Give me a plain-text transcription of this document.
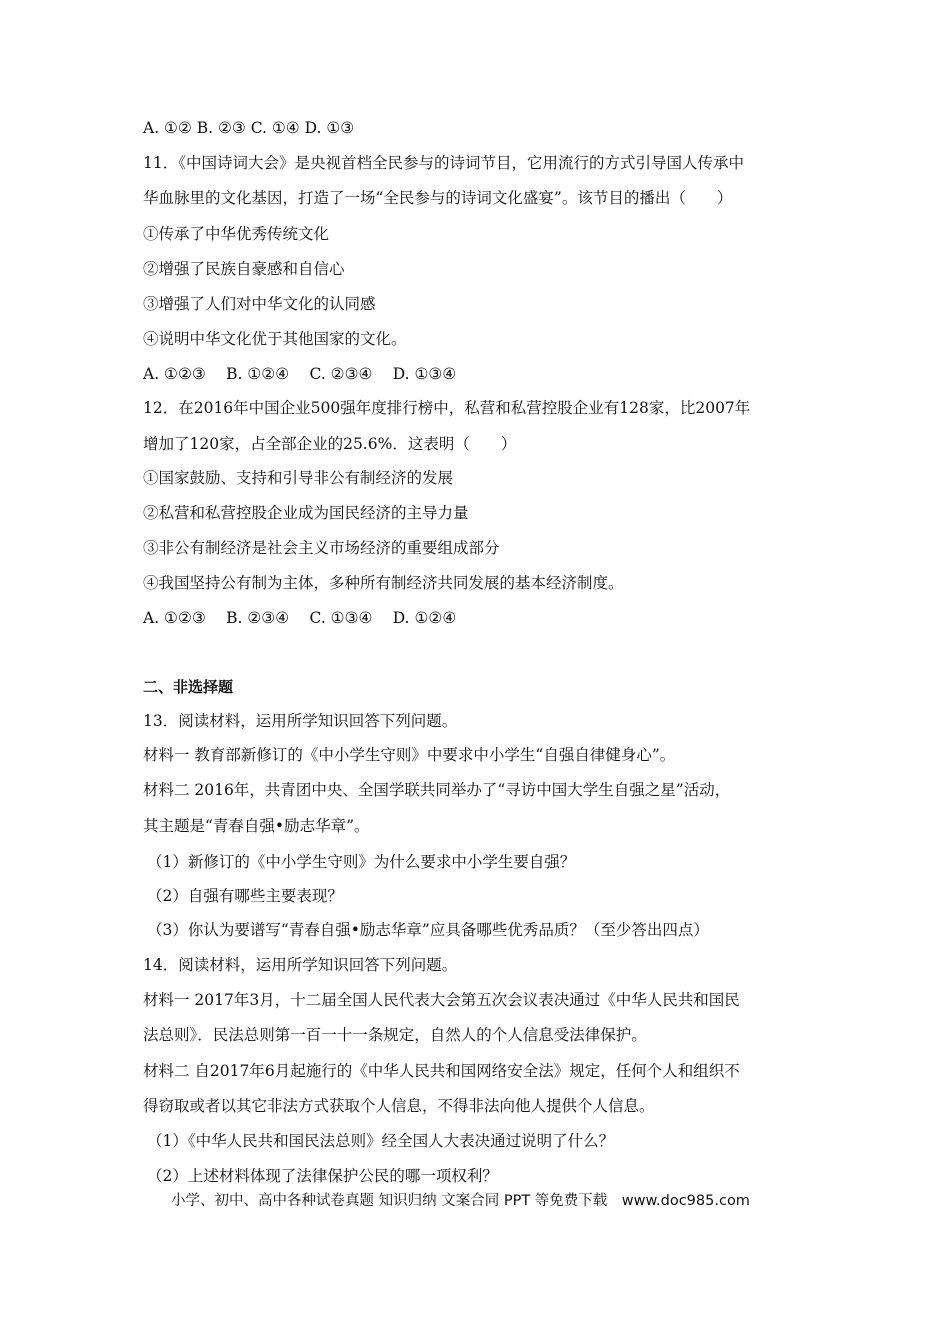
A. ①② B. ②③ C. ①④ D. ①③
11．《中国诗词大会》是央视首档全民参与的诗词节目，它用流行的方式引导国人传承中
华血脉里的文化基因，打造了一场“全民参与的诗词文化盛宴”。该节目的播出（　　）
①传承了中华优秀传统文化
②增强了民族自豪感和自信心
③增强了人们对中华文化的认同感
④说明中华文化优于其他国家的文化。
A. ①②③　 B. ①②④　 C. ②③④　 D. ①③④
12．在2016年中国企业500强年度排行榜中，私营和私营控股企业有128家，比2007年
增加了120家，占全部企业的25.6%．这表明（　　）
①国家鼓励、支持和引导非公有制经济的发展
②私营和私营控股企业成为国民经济的主导力量
③非公有制经济是社会主义市场经济的重要组成部分
④我国坚持公有制为主体，多种所有制经济共同发展的基本经济制度。
A. ①②③　 B. ②③④　 C. ①③④　 D. ①②④
二、非选择题
13．阅读材料，运用所学知识回答下列问题。
材料一 教育部新修订的《中小学生守则》中要求中小学生“自强自律健身心”。
材料二 2016年，共青团中央、全国学联共同举办了“寻访中国大学生自强之星”活动，
其主题是“青春自强•励志华章”。
（1）新修订的《中小学生守则》为什么要求中小学生要自强？
（2）自强有哪些主要表现？
（3）你认为要谱写“青春自强•励志华章”应具备哪些优秀品质？（至少答出四点）
14．阅读材料，运用所学知识回答下列问题。
材料一 2017年3月，十二届全国人民代表大会第五次会议表决通过《中华人民共和国民
法总则》．民法总则第一百一十一条规定，自然人的个人信息受法律保护。
材料二 自2017年6月起施行的《中华人民共和国网络安全法》规定，任何个人和组织不
得窃取或者以其它非法方式获取个人信息，不得非法向他人提供个人信息。
（1）《中华人民共和国民法总则》经全国人大表决通过说明了什么？
（2）上述材料体现了法律保护公民的哪一项权利？
小学、初中、高中各种试卷真题 知识归纳 文案合同 PPT 等免费下载　www.doc985.com
